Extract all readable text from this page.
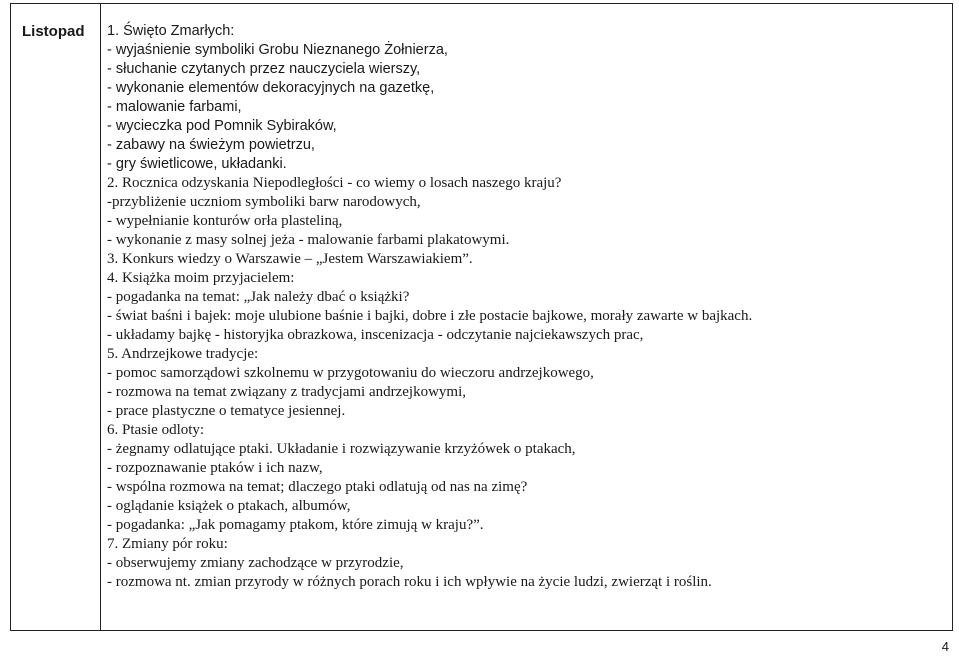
Listopad 1. Święto Zmarłych:
- wyjaśnienie symboliki Grobu Nieznanego Żołnierza,
- słuchanie czytanych przez nauczyciela wierszy,
- wykonanie elementów dekoracyjnych na gazetkę,
- malowanie farbami,
- wycieczka pod Pomnik Sybiraków,
- zabawy na świeżym powietrzu,
- gry świetlicowe, układanki.
2. Rocznica odzyskania Niepodległości - co wiemy o losach naszego kraju?
-przybliżenie uczniom symboliki barw narodowych,
- wypełnianie konturów orła plasteliną,
- wykonanie z masy solnej jeża - malowanie farbami plakatowymi.
3. Konkurs wiedzy o Warszawie – „Jestem Warszawiakiem”.
4. Książka moim przyjacielem:
- pogadanka na temat: „Jak należy dbać o książki?
- świat baśni i bajek: moje ulubione baśnie i bajki, dobre i złe postacie bajkowe, morały zawarte w bajkach.
- układamy bajkę - historyjka obrazkowa, inscenizacja - odczytanie najciekawszych prac,
5. Andrzejkowe tradycje:
- pomoc samorządowi szkolnemu w przygotowaniu do wieczoru andrzejkowego,
- rozmowa na temat związany z tradycjami andrzejkowymi,
- prace plastyczne o tematyce jesiennej.
6. Ptasie odloty:
- żegnamy odlatujące ptaki. Układanie i rozwiązywanie krzyżówek o ptakach,
- rozpoznawanie ptaków i ich nazw,
- wspólna rozmowa na temat; dlaczego ptaki odlatują od nas na zimę?
- oglądanie książek o ptakach, albumów,
- pogadanka: „Jak pomagamy ptakom, które zimują w kraju?”.
7. Zmiany pór roku:
- obserwujemy zmiany zachodzące w przyrodzie,
- rozmowa nt. zmian przyrody w różnych porach roku i ich wpływie na życie ludzi, zwierząt i roślin.
4
